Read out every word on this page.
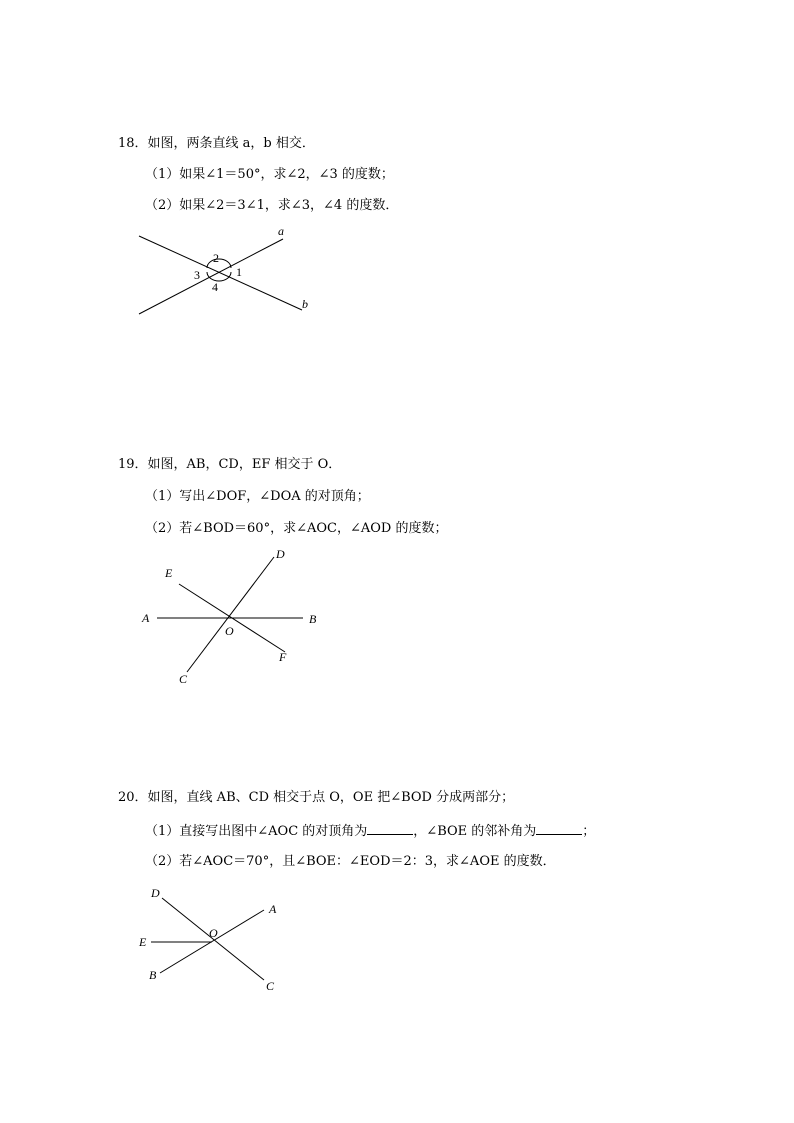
18．如图，两条直线 a，b 相交．
（1）如果∠1＝50°，求∠2，∠3 的度数；
（2）如果∠2＝3∠1，求∠3，∠4 的度数．
a
b
1
2
3
4
A	B
C
D
E
F
O
A
B
C
D
E
O
19．如图，AB，CD，EF 相交于 O．
（1）写出∠DOF，∠DOA 的对顶角；
（2）若∠BOD＝60°，求∠AOC，∠AOD 的度数；
20．如图，直线 AB、CD 相交于点 O，OE 把∠BOD 分成两部分；
（1）直接写出图中∠AOC 的对顶角为	，∠BOE 的邻补角为	；
（2）若∠AOC＝70°，且∠BOE：∠EOD＝2：3，求∠AOE 的度数．
